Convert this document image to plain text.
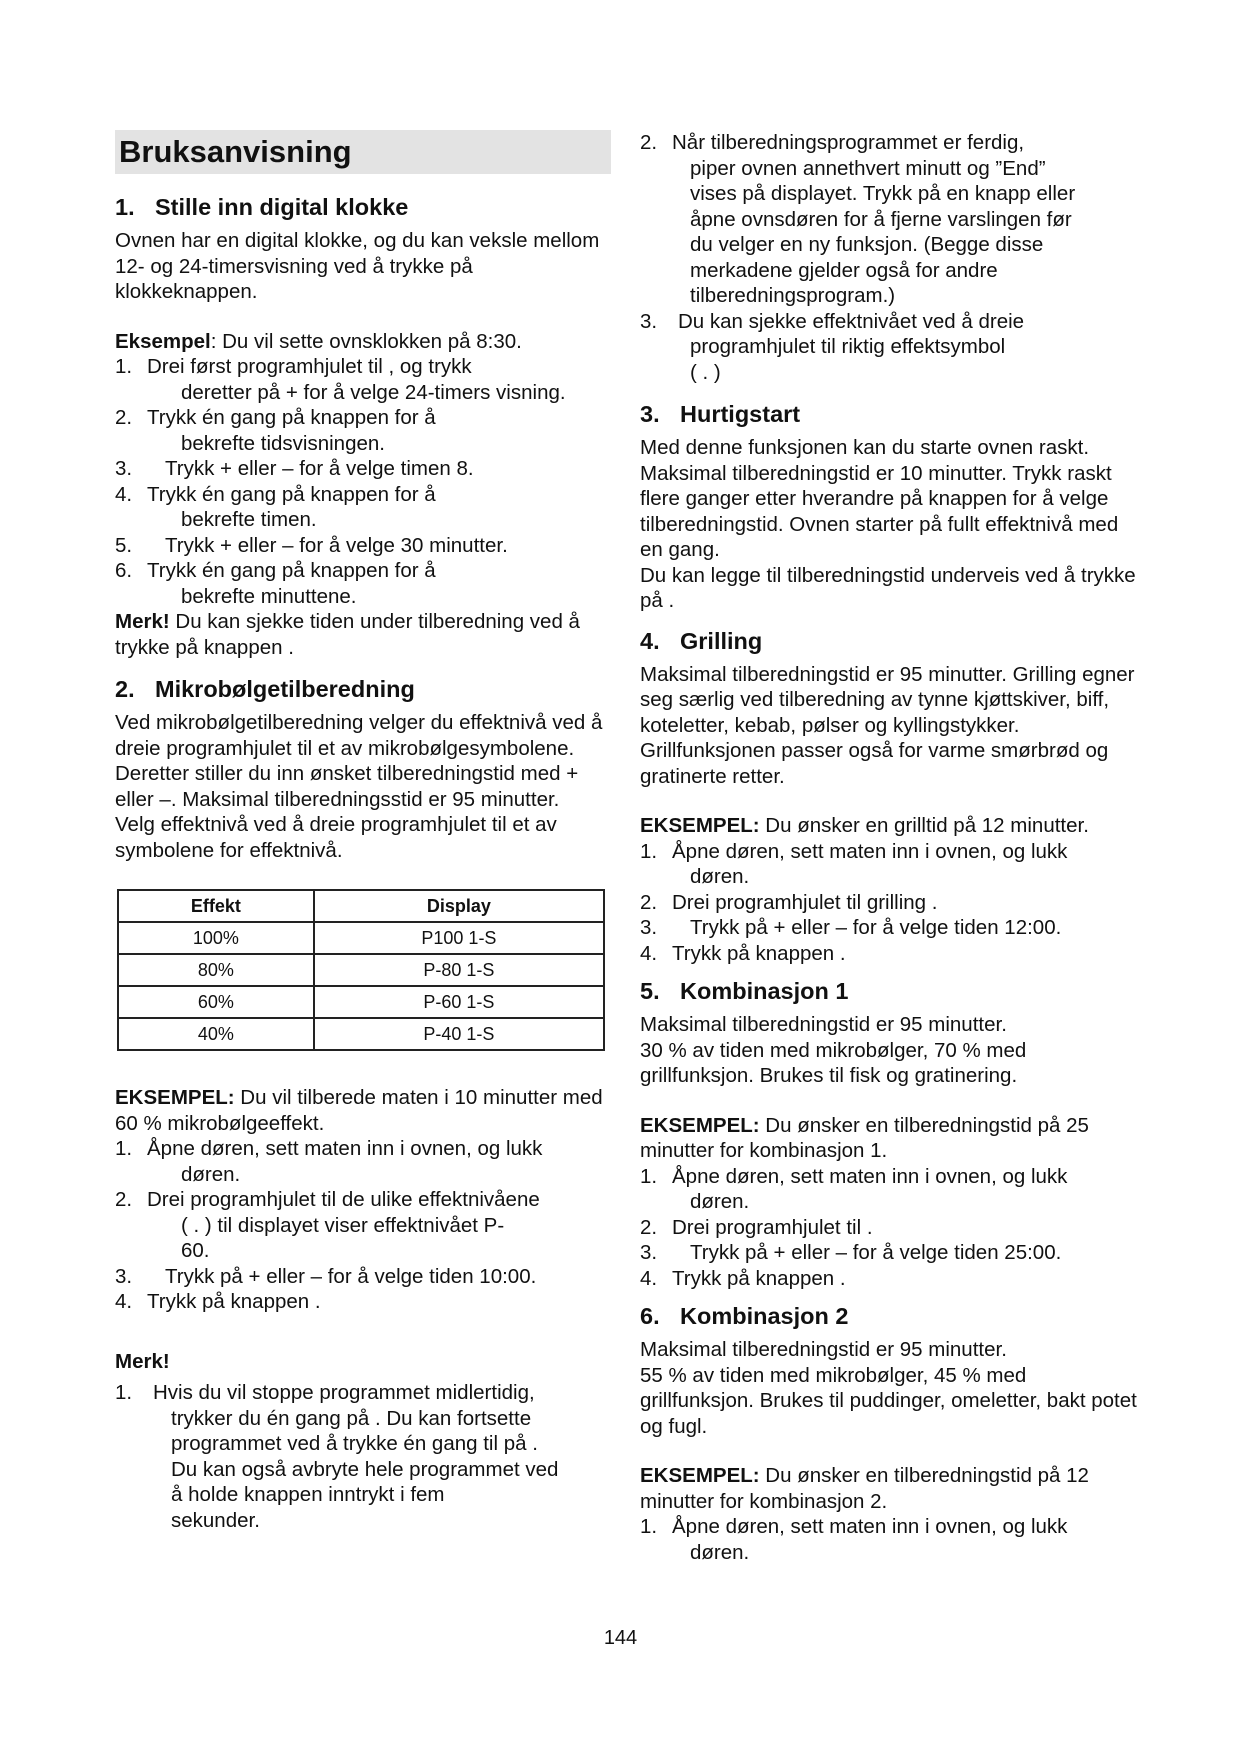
Bruksanvisning
1. Stille inn digital klokke

Ovnen har en digital klokke, og du kan veksle mellom 12- og 24-timersvisning ved å trykke på klokkeknappen.

Eksempel: Du vil sette ovnsklokken på 8:30.

1. Drei først programhjulet til , og trykk
deretter på + for å velge 24-timers visning.
2. Trykk én gang på knappen for å
bekrefte tidsvisningen.
3.	Trykk + eller – for å velge timen 8.
4. Trykk én gang på knappen for å
bekrefte timen.
5.	Trykk + eller – for å velge 30 minutter.
6. Trykk én gang på knappen for å
bekrefte minuttene.

Merk! Du kan sjekke tiden under tilberedning ved å trykke på knappen .

2. Mikrobølgetilberedning

Ved mikrobølgetilberedning velger du effektnivå ved å dreie programhjulet til et av mikrobølgesymbolene. Deretter stiller du inn ønsket tilberedningstid med + eller –. Maksimal tilberedningsstid er 95 minutter.

Velg effektnivå ved å dreie programhjulet til et av symbolene for effektnivå.

Effekt	Display
100%	P100 1-S
80%	P-80 1-S
60%	P-60 1-S
40%	P-40 1-S

EKSEMPEL: Du vil tilberede maten i 10 minutter med 60 % mikrobølgeeffekt.

1. Åpne døren, sett maten inn i ovnen, og lukk
døren.
2. Drei programhjulet til de ulike effektnivåene
( . ) til displayet viser effektnivået P-
60.
3.	Trykk på + eller – for å velge tiden 10:00.
4. Trykk på knappen .

Merk!

1. Hvis du vil stoppe programmet midlertidig,
trykker du én gang på . Du kan fortsette
programmet ved å trykke én gang til på .
Du kan også avbryte hele programmet ved
å holde knappen inntrykt i fem
sekunder.
2. Når tilberedningsprogrammet er ferdig,
piper ovnen annethvert minutt og ”End”
vises på displayet. Trykk på en knapp eller
åpne ovnsdøren for å fjerne varslingen før
du velger en ny funksjon. (Begge disse
merkadene gjelder også for andre
tilberedningsprogram.)
3. Du kan sjekke effektnivået ved å dreie
programhjulet til riktig effektsymbol
( . )
3. Hurtigstart

Med denne funksjonen kan du starte ovnen raskt. Maksimal tilberedningstid er 10 minutter. Trykk raskt flere ganger etter hverandre på knappen for å velge tilberedningstid. Ovnen starter på fullt effektnivå med en gang.

Du kan legge til tilberedningstid underveis ved å trykke på .

4. Grilling

Maksimal tilberedningstid er 95 minutter. Grilling egner seg særlig ved tilberedning av tynne kjøttskiver, biff, koteletter, kebab, pølser og kyllingstykker. Grillfunksjonen passer også for varme smørbrød og gratinerte retter.

EKSEMPEL: Du ønsker en grilltid på 12 minutter.

1. Åpne døren, sett maten inn i ovnen, og lukk
døren.
2. Drei programhjulet til grilling .
3.	Trykk på + eller – for å velge tiden 12:00.
4. Trykk på knappen .
5. Kombinasjon 1

Maksimal tilberedningstid er 95 minutter.

30 % av tiden med mikrobølger, 70 % med grillfunksjon. Brukes til fisk og gratinering.

EKSEMPEL: Du ønsker en tilberedningstid på 25 minutter for kombinasjon 1.

1. Åpne døren, sett maten inn i ovnen, og lukk
døren.
2. Drei programhjulet til .
3.	Trykk på + eller – for å velge tiden 25:00.
4. Trykk på knappen .
6. Kombinasjon 2

Maksimal tilberedningstid er 95 minutter.

55 % av tiden med mikrobølger, 45 % med grillfunksjon. Brukes til puddinger, omeletter, bakt potet og fugl.

EKSEMPEL: Du ønsker en tilberedningstid på 12 minutter for kombinasjon 2.

1. Åpne døren, sett maten inn i ovnen, og lukk
døren.
144
